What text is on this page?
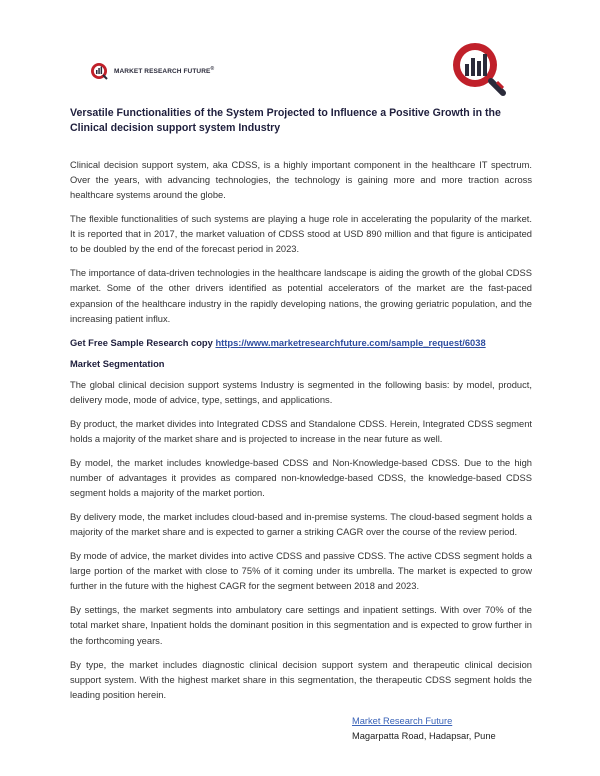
MARKET RESEARCH FUTURE®
Versatile Functionalities of the System Projected to Influence a Positive Growth in the Clinical decision support system Industry

Clinical decision support system, aka CDSS, is a highly important component in the healthcare IT spectrum. Over the years, with advancing technologies, the technology is gaining more and more traction across healthcare systems around the globe.

The flexible functionalities of such systems are playing a huge role in accelerating the popularity of the market. It is reported that in 2017, the market valuation of CDSS stood at USD 890 million and that figure is anticipated to be doubled by the end of the forecast period in 2023.

The importance of data-driven technologies in the healthcare landscape is aiding the growth of the global CDSS market. Some of the other drivers identified as potential accelerators of the market are the fast-paced expansion of the healthcare industry in the rapidly developing nations, the growing geriatric population, and the increasing patient influx.

Get Free Sample Research copy https://www.marketresearchfuture.com/sample_request/6038

Market Segmentation

The global clinical decision support systems Industry is segmented in the following basis: by model, product, delivery mode, mode of advice, type, settings, and applications.

By product, the market divides into Integrated CDSS and Standalone CDSS. Herein, Integrated CDSS segment holds a majority of the market share and is projected to increase in the near future as well.

By model, the market includes knowledge-based CDSS and Non-Knowledge-based CDSS. Due to the high number of advantages it provides as compared non-knowledge-based CDSS, the knowledge-based CDSS segment holds a majority of the market portion.

By delivery mode, the market includes cloud-based and in-premise systems. The cloud-based segment holds a majority of the market share and is expected to garner a striking CAGR over the course of the review period.

By mode of advice, the market divides into active CDSS and passive CDSS. The active CDSS segment holds a large portion of the market with close to 75% of it coming under its umbrella. The market is expected to grow further in the future with the highest CAGR for the segment between 2018 and 2023.

By settings, the market segments into ambulatory care settings and inpatient settings. With over 70% of the total market share, Inpatient holds the dominant position in this segmentation and is expected to grow further in the forthcoming years.

By type, the market includes diagnostic clinical decision support system and therapeutic clinical decision support system. With the highest market share in this segmentation, the therapeutic CDSS segment holds the leading position herein.

Market Research Future
Magarpatta Road, Hadapsar, Pune
